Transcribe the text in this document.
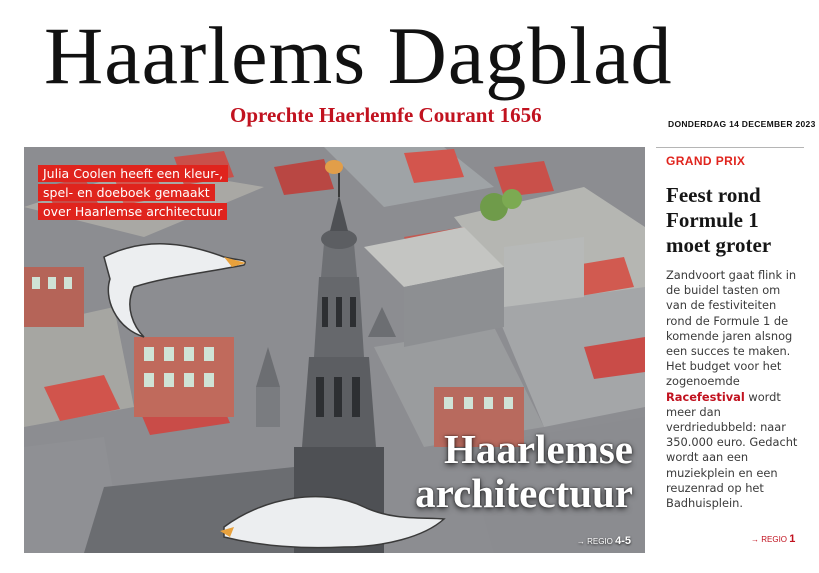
Haarlems Dagblad
Oprechte Haerlemfe Courant 1656	DONDERDAG 14 DECEMBER 2023
Julia Coolen heeft een kleur-,
spel- en doeboek gemaakt
over Haarlemse architectuur
Haarlemse
architectuur
→ REGIO 4-5
GRAND PRIX
Feest rond Formule 1 moet groter

Zandvoort gaat flink in de buidel tasten om van de festiviteiten rond de Formule 1 de komende jaren alsnog een succes te maken. Het budget voor het zogenoemde Racefestival wordt meer dan verdriedubbeld: naar 350.000 euro. Gedacht wordt aan een muziekplein en een reuzenrad op het Badhuisplein.

→ REGIO 1
